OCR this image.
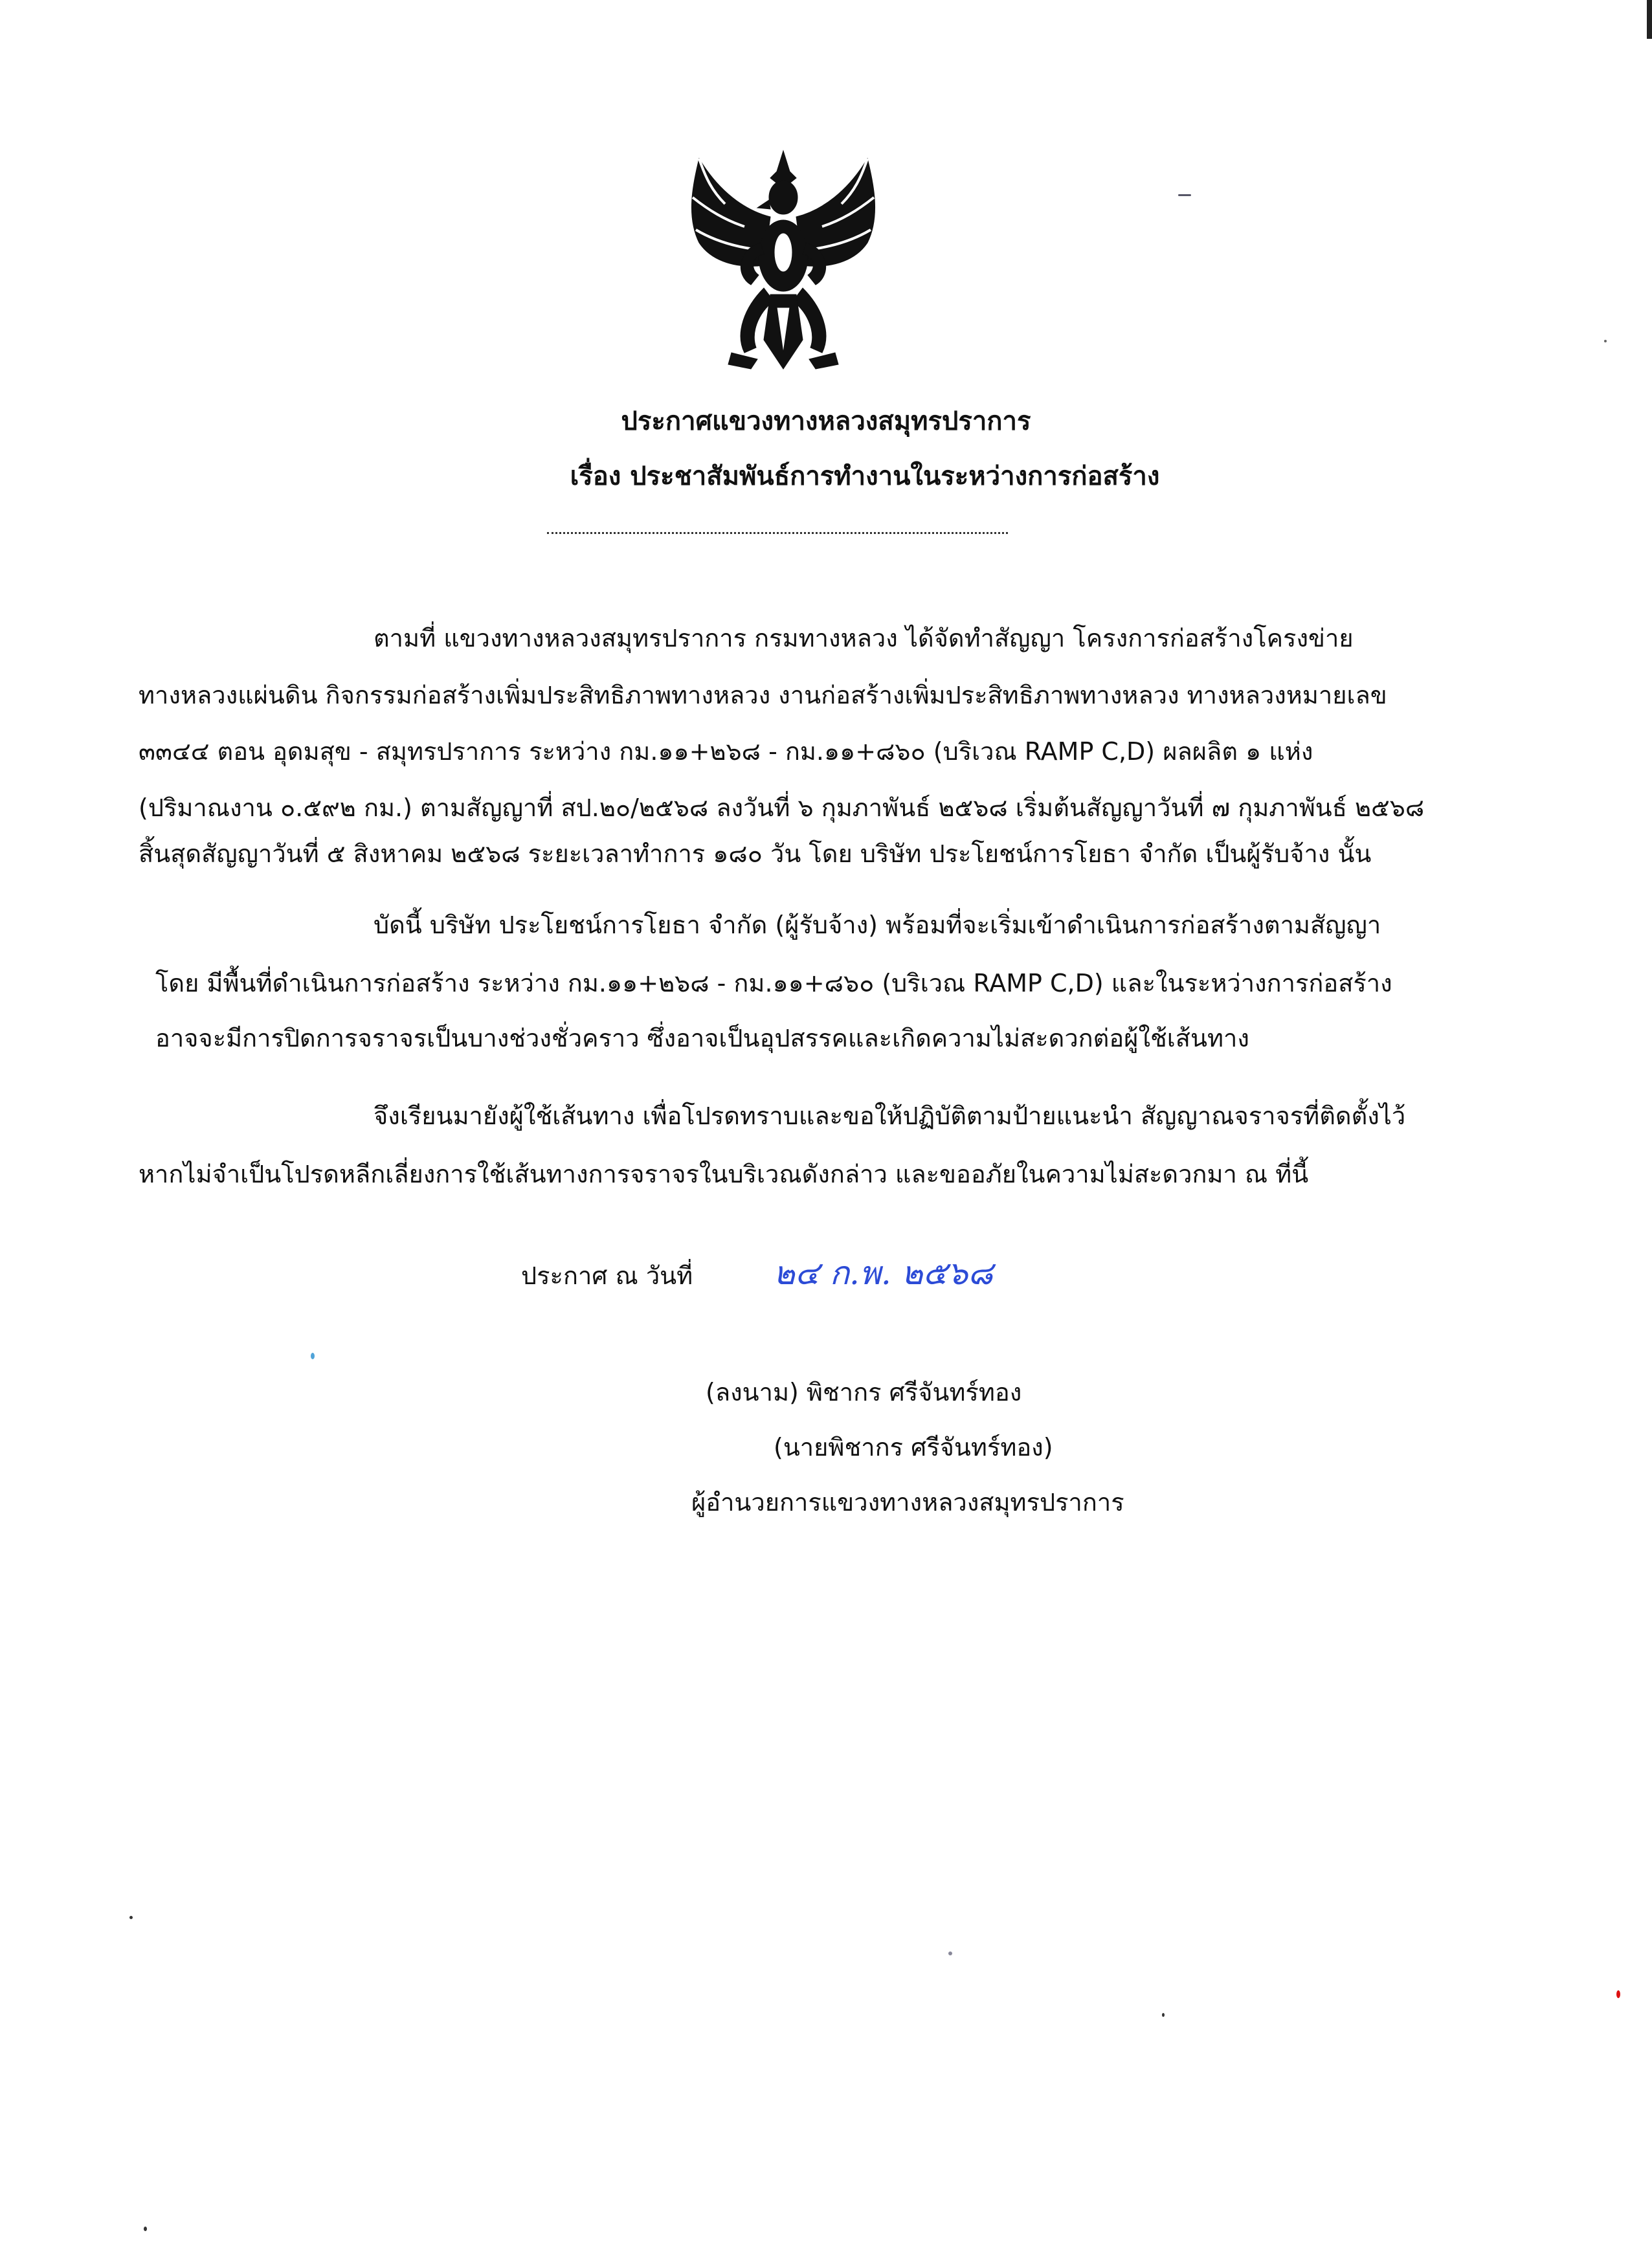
ประกาศแขวงทางหลวงสมุทรปราการ
เรื่อง ประชาสัมพันธ์การทำงานในระหว่างการก่อสร้าง
ตามที่ แขวงทางหลวงสมุทรปราการ กรมทางหลวง ได้จัดทำสัญญา โครงการก่อสร้างโครงข่าย
ทางหลวงแผ่นดิน กิจกรรมก่อสร้างเพิ่มประสิทธิภาพทางหลวง งานก่อสร้างเพิ่มประสิทธิภาพทางหลวง ทางหลวงหมายเลข
๓๓๔๔ ตอน อุดมสุข - สมุทรปราการ ระหว่าง กม.๑๑+๒๖๘ - กม.๑๑+๘๖๐ (บริเวณ RAMP C,D) ผลผลิต ๑ แห่ง
(ปริมาณงาน ๐.๕๙๒ กม.) ตามสัญญาที่ สป.๒๐/๒๕๖๘ ลงวันที่ ๖ กุมภาพันธ์ ๒๕๖๘ เริ่มต้นสัญญาวันที่ ๗ กุมภาพันธ์ ๒๕๖๘
สิ้นสุดสัญญาวันที่ ๕ สิงหาคม ๒๕๖๘ ระยะเวลาทำการ ๑๘๐ วัน โดย บริษัท ประโยชน์การโยธา จำกัด เป็นผู้รับจ้าง นั้น
บัดนี้ บริษัท ประโยชน์การโยธา จำกัด (ผู้รับจ้าง) พร้อมที่จะเริ่มเข้าดำเนินการก่อสร้างตามสัญญา
โดย มีพื้นที่ดำเนินการก่อสร้าง ระหว่าง กม.๑๑+๒๖๘ - กม.๑๑+๘๖๐ (บริเวณ RAMP C,D) และในระหว่างการก่อสร้าง
อาจจะมีการปิดการจราจรเป็นบางช่วงชั่วคราว ซึ่งอาจเป็นอุปสรรคและเกิดความไม่สะดวกต่อผู้ใช้เส้นทาง
จึงเรียนมายังผู้ใช้เส้นทาง เพื่อโปรดทราบและขอให้ปฏิบัติตามป้ายแนะนำ สัญญาณจราจรที่ติดตั้งไว้
หากไม่จำเป็นโปรดหลีกเลี่ยงการใช้เส้นทางการจราจรในบริเวณดังกล่าว และขออภัยในความไม่สะดวกมา ณ ที่นี้
ประกาศ ณ วันที่ ๒๔ ก.พ. ๒๕๖๘
(ลงนาม) พิชากร ศรีจันทร์ทอง
(นายพิชากร ศรีจันทร์ทอง)
ผู้อำนวยการแขวงทางหลวงสมุทรปราการ
